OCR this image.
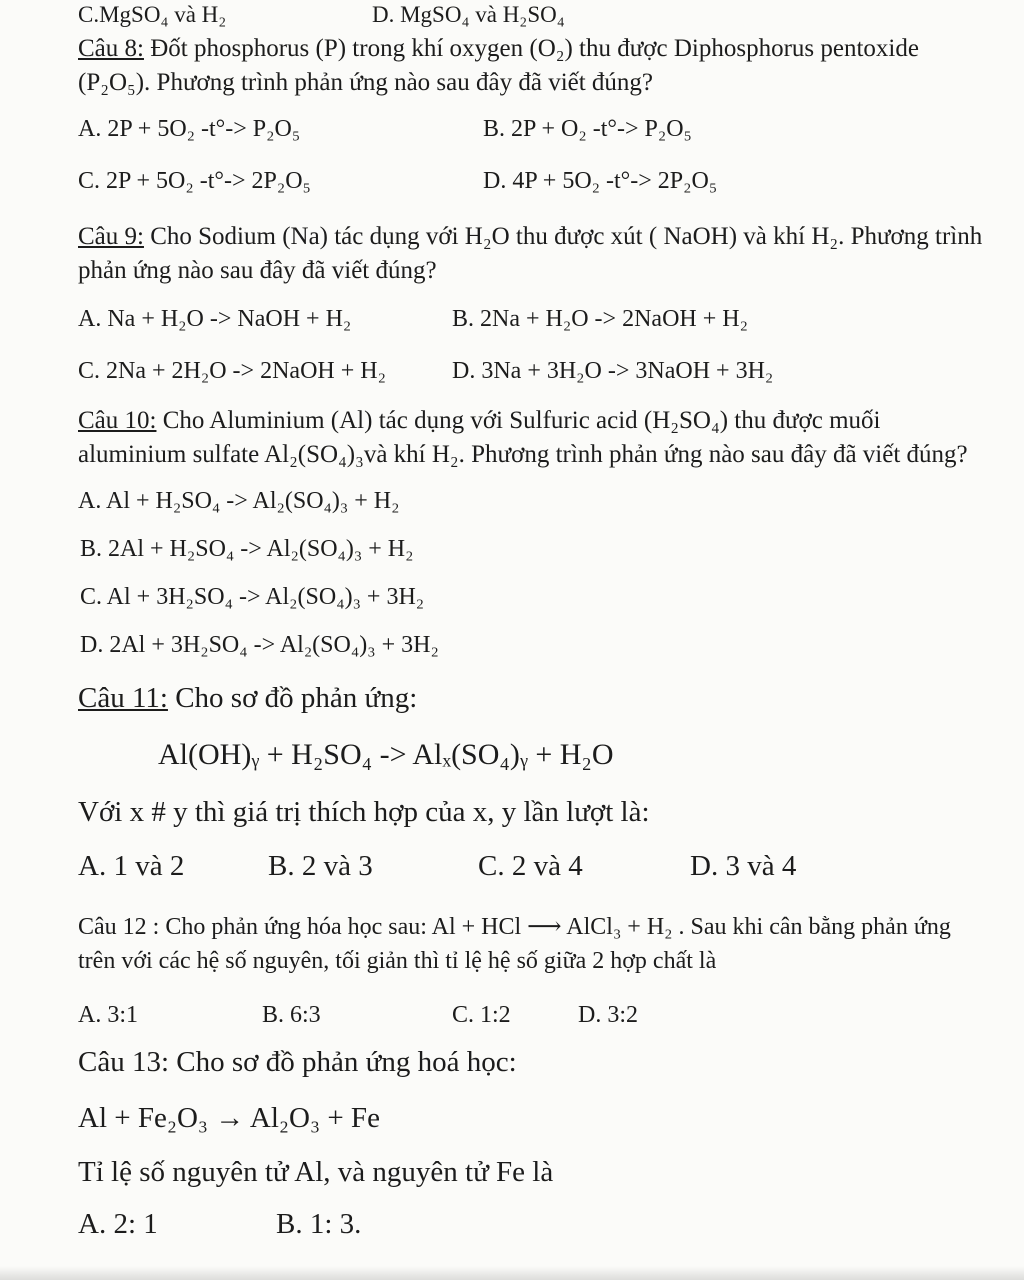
C.MgSO₄ và H₂	D. MgSO₄ và H₂SO₄
Câu 8: Đốt phosphorus (P) trong khí oxygen (O₂) thu được Diphosphorus pentoxide (P₂O₅). Phương trình phản ứng nào sau đây đã viết đúng?
A. 2P + 5O₂ -t°-> P₂O₅	B. 2P + O₂ -t°-> P₂O₅
C. 2P + 5O₂ -t°-> 2P₂O₅	D. 4P + 5O₂ -t°-> 2P₂O₅
Câu 9: Cho Sodium (Na) tác dụng với H₂O thu được xút ( NaOH) và khí H₂. Phương trình phản ứng nào sau đây đã viết đúng?
A. Na + H₂O -> NaOH + H₂	B. 2Na + H₂O -> 2NaOH + H₂
C. 2Na + 2H₂O -> 2NaOH + H₂	D. 3Na + 3H₂O -> 3NaOH + 3H₂
Câu 10: Cho Aluminium (Al) tác dụng với Sulfuric acid (H₂SO₄) thu được muối aluminium sulfate Al₂(SO₄)₃và khí H₂. Phương trình phản ứng nào sau đây đã viết đúng?
A. Al + H₂SO₄ -> Al₂(SO₄)₃ + H₂
B. 2Al + H₂SO₄ -> Al₂(SO₄)₃ + H₂
C. Al + 3H₂SO₄ -> Al₂(SO₄)₃ + 3H₂
D. 2Al + 3H₂SO₄ -> Al₂(SO₄)₃ + 3H₂
Câu 11: Cho sơ đồ phản ứng:
Al(OH)ᵧ + H₂SO₄ -> Alₓ(SO₄)ᵧ + H₂O
Với x # y thì giá trị thích hợp của x, y lần lượt là:
A. 1 và 2	B. 2 và 3	C. 2 và 4	D. 3 và 4
Câu 12 : Cho phản ứng hóa học sau: Al + HCl ⟶ AlCl₃ + H₂ . Sau khi cân bằng phản ứng trên với các hệ số nguyên, tối giản thì tỉ lệ hệ số giữa 2 hợp chất là
A. 3:1	B. 6:3	C. 1:2	D. 3:2
Câu 13: Cho sơ đồ phản ứng hoá học:
Al + Fe₂O₃ → Al₂O₃ + Fe
Tỉ lệ số nguyên tử Al, và nguyên tử Fe là
A. 2: 1	B. 1: 3.
